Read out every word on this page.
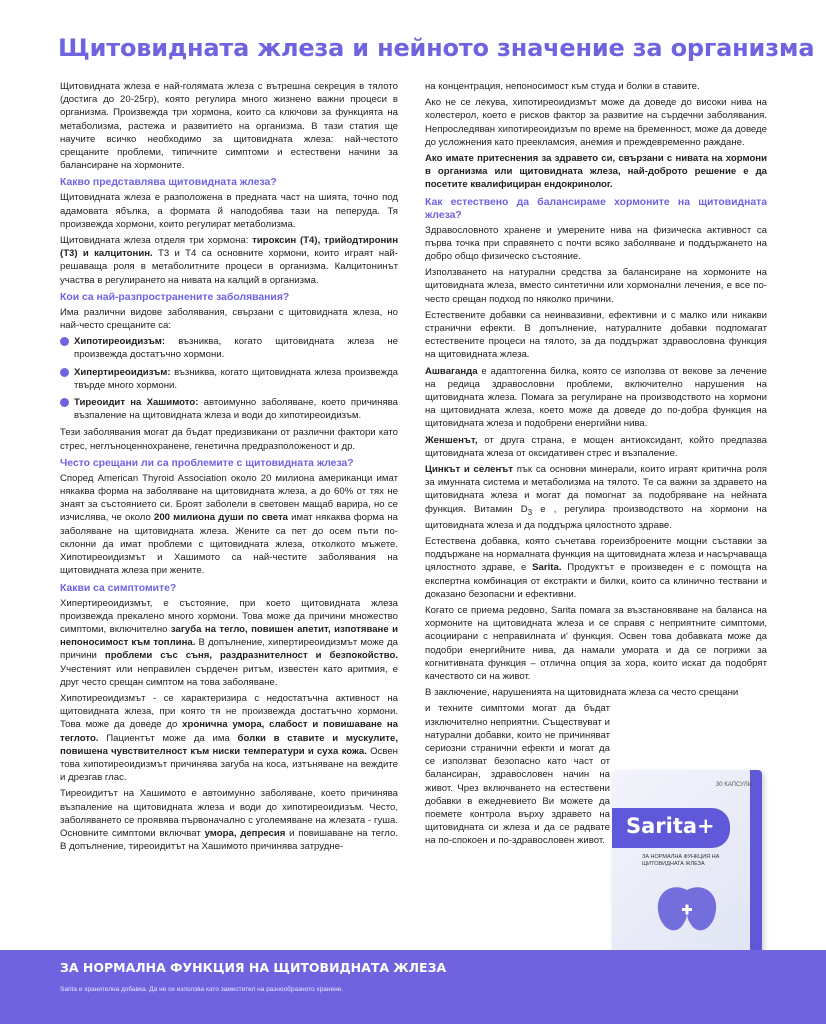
Щитовидната жлеза и нейното значение за организма

Щитовидната жлеза е най-голямата жлеза с вътрешна секреция в тялото (достига до 20-25гр), която регулира много жизнено важни процеси в организма. Произвежда три хормона, които са ключови за функцията на метаболизма, растежа и развитието на организма. В тази статия ще научите всичко необходимо за щитовидната жлеза: най-честото срещаните проблеми, типичните симптоми и естествени начини за балансиране на хормоните.

Какво представлява щитовидната жлеза?

Щитовидната жлеза е разположена в предната част на шията, точно под адамовата ябълка, а формата й наподобява тази на пеперуда. Тя произвежда хормони, които регулират метаболизма.

Щитовидната жлеза отделя три хормона: тироксин (Т4), трийодтиронин (Т3) и калцитонин. Т3 и Т4 са основните хормони, които играят най-решаваща роля в метаболитните процеси в организма. Калцитонинът участва в регулирането на нивата на калций в организма.

Кои са най-разпространените заболявания?

Има различни видове заболявания, свързани с щитовидната жлеза, но най-често срещаните са:

Хипотиреоидизъм: възниква, когато щитовидната жлеза не произвежда достатъчно хормони.
Хипертиреоидизъм: възниква, когато щитовидната жлеза произвежда твърде много хормони.
Тиреоидит на Хашимото: автоимунно заболяване, което причинява възпаление на щитовидната жлеза и води до хипотиреоидизъм.

Тези заболявания могат да бъдат предизвикани от различни фактори като стрес, неглъноценнохранене, генетична предразположеност и др.

Често срещани ли са проблемите с щитовидната жлеза?

Според American Thyroid Association около 20 милиона американци имат някаква форма на заболяване на щитовидната жлеза, а до 60% от тях не знаят за състоянието си. Броят заболели в световен мащаб варира, но се изчислява, че около 200 милиона души по света имат някаква форма на заболяване на щитовидната жлеза. Жените са пет до осем пъти по-склонни да имат проблеми с щитовидната жлеза, отколкото мъжете. Хипотиреоидизмът и Хашимото са най-честите заболявания на щитовидната жлеза при жените.

Какви са симптомите?

Хипертиреоидизмът, е състояние, при което щитовидната жлеза произвежда прекалено много хормони. Това може да причини множество симптоми, включително загуба на тегло, повишен апетит, изпотяване и непоносимост към топлина. В допълнение, хипертиреоидизмът може да причини проблеми със съня, раздразнителност и безпокойство. Учестеният или неправилен сърдечен ритъм, известен като аритмия, е друг често срещан симптом на това заболяване.

Хипотиреоидизмът - се характеризира с недостатъчна активност на щитовидната жлеза, при която тя не произвежда достатъчно хормони. Това може да доведе до хронична умора, слабост и повишаване на теглото. Пациентът може да има болки в ставите и мускулите, повишена чувствителност към ниски температури и суха кожа. Освен това хипотиреоидизмът причинява загуба на коса, изтъняване на веждите и дрезгав глас.

Тиреоидитът на Хашимото е автоимунно заболяване, което причинява възпаление на щитовидната жлеза и води до хипотиреоидизъм. Често, заболяването се проявява първоначално с уголемяване на жлезата - гуша. Основните симптоми включват умора, депресия и повишаване на тегло. В допълнение, тиреоидитът на Хашимото причинява затрудне-

на концентрация, непоносимост към студа и болки в ставите.

Ако не се лекува, хипотиреоидизмът може да доведе до високи нива на холестерол, което е рисков фактор за развитие на сърдечни заболявания. Непроследяван хипотиреоидизъм по време на бременност, може да доведе до усложнения като преекламсия, анемия и преждевременно раждане.

Ако имате притеснения за здравето си, свързани с нивата на хормони в организма или щитовидната жлеза, най-доброто решение е да посетите квалифициран ендокринолог.

Как естествено да балансираме хормоните на щитовидната жлеза?

Здравословното хранене и умерените нива на физическа активност са първа точка при справянето с почти всяко заболяване и поддържането на добро общо физическо състояние.

Използването на натурални средства за балансиране на хормоните на щитовидната жлеза, вместо синтетични или хормонални лечения, е все по-често срещан подход по няколко причини.

Естествените добавки са неинвазивни, ефективни и с малко или никакви странични ефекти. В допълнение, натуралните добавки подпомагат естествените процеси на тялото, за да поддържат здравословна функция на щитовидната жлеза.

Ашваганда е адаптогенна билка, която се използва от векове за лечение на редица здравословни проблеми, включително нарушения на щитовидната жлеза. Помага за регулиране на производството на хормони на щитовидната жлеза, което може да доведе до по-добра функция на щитовидната жлеза и подобрени енергийни нива.

Женшенът, от друга страна, е мощен антиоксидант, който предпазва щитовидната жлеза от оксидативен стрес и възпаление.

Цинкът и селенът пък са основни минерали, които играят критична роля за имунната система и метаболизма на тялото. Те са важни за здравето на щитовидната жлеза и могат да помогнат за подобряване на нейната функция. Витамин $D_3$ е , регулира производството на хормони на щитовидната жлеза и да поддържа цялостното здраве.

Естествена добавка, която съчетава гореизброените мощни съставки за поддържане на нормалната функция на щитовидната жлеза и насърчаваща цялостното здраве, е Sarita. Продуктът е произведен е с помощта на експертна комбинация от екстракти и билки, които са клинично тествани и доказано безопасни и ефективни.

Когато се приема редовно, Sarita помага за възстановяване на баланса на хормоните на щитовидната жлеза и се справя с неприятните симптоми, асоциирани с неправилната и' функция. Освен това добавката може да подобри енергийните нива, да намали умората и да се погрижи за когнитивната функция – отлична опция за хора, които искат да подобрят качеството си на живот.

В заключение, нарушенията на щитовидната жлеза са често срещани

и техните симптоми могат да бъдат изключително неприятни. Съществуват и натурални добавки, които не причиняват сериозни странични ефекти и могат да се използват безопасно като част от балансиран, здравословен начин на живот. Чрез включването на естествени добавки в ежедневието Ви можете да поемете контрола върху здравето на щитовидната си жлеза и да се радвате на по-спокоен и по-здравословен живот.

30 КАПСУЛИ
Sarita+
ЗА НОРМАЛНА ФУНКЦИЯ НА ЩИТОВИДНАТА ЖЛЕЗА
ЗА НОРМАЛНА ФУНКЦИЯ НА ЩИТОВИДНАТА ЖЛЕЗА
Sarita е хранителна добавка. Да не се използва като заместител на разнообразното хранене.
